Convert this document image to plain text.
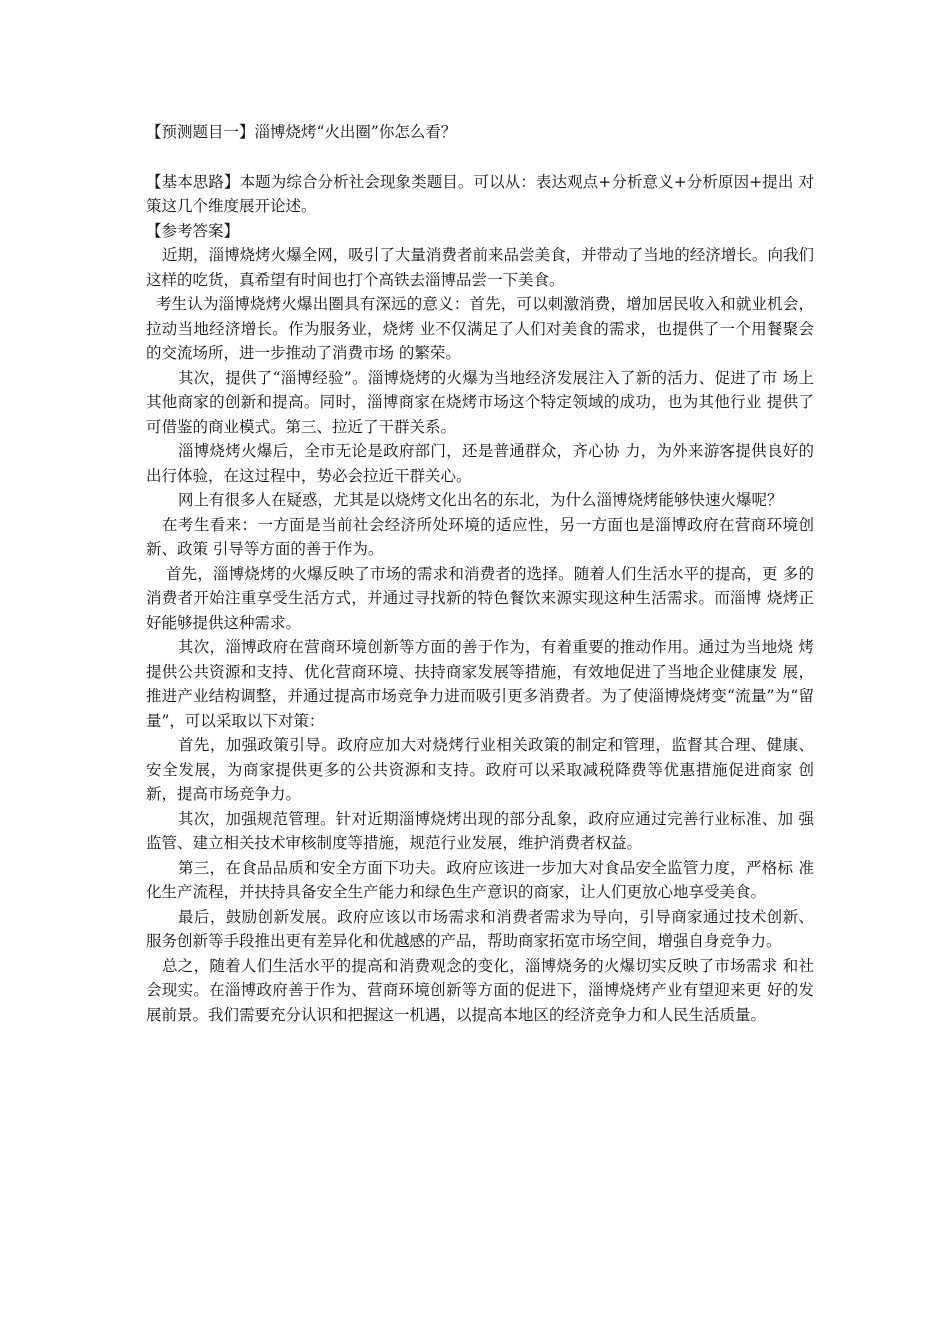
【预测题目一】淄博烧烤“火出圈”你怎么看？

【基本思路】本题为综合分析社会现象类题目。可以从：表达观点+分析意义+分析原因+提出 对策这几个维度展开论述。

【参考答案】

近期，淄博烧烤火爆全网，吸引了大量消费者前来品尝美食，并带动了当地的经济增长。向我们这样的吃货，真希望有时间也打个高铁去淄博品尝一下美食。

考生认为淄博烧烤火爆出圈具有深远的意义：首先，可以刺激消费，增加居民收入和就业机会，拉动当地经济增长。作为服务业，烧烤 业不仅满足了人们对美食的需求，也提供了一个用餐聚会的交流场所，进一步推动了消费市场 的繁荣。

其次，提供了“淄博经验”。淄博烧烤的火爆为当地经济发展注入了新的活力、促进了市 场上其他商家的创新和提高。同时，淄博商家在烧烤市场这个特定领域的成功，也为其他行业 提供了可借鉴的商业模式。第三、拉近了干群关系。

淄博烧烤火爆后，全市无论是政府部门，还是普通群众，齐心协 力，为外来游客提供良好的出行体验，在这过程中，势必会拉近干群关心。

网上有很多人在疑惑，尤其是以烧烤文化出名的东北，为什么淄博烧烤能够快速火爆呢？

在考生看来：一方面是当前社会经济所处环境的适应性，另一方面也是淄博政府在营商环境创新、政策 引导等方面的善于作为。

首先，淄博烧烤的火爆反映了市场的需求和消费者的选择。随着人们生活水平的提高，更 多的消费者开始注重享受生活方式，并通过寻找新的特色餐饮来源实现这种生活需求。而淄博 烧烤正好能够提供这种需求。

其次，淄博政府在营商环境创新等方面的善于作为，有着重要的推动作用。通过为当地烧 烤提供公共资源和支持、优化营商环境、扶持商家发展等措施，有效地促进了当地企业健康发 展，推进产业结构调整，并通过提高市场竞争力进而吸引更多消费者。为了使淄博烧烤变“流量”为“留量”，可以采取以下对策：

首先，加强政策引导。政府应加大对烧烤行业相关政策的制定和管理，监督其合理、健康、 安全发展，为商家提供更多的公共资源和支持。政府可以采取减税降费等优惠措施促进商家 创新，提高市场竞争力。

其次，加强规范管理。针对近期淄博烧烤出现的部分乱象，政府应通过完善行业标准、加 强监管、建立相关技术审核制度等措施，规范行业发展，维护消费者权益。

第三，在食品品质和安全方面下功夫。政府应该进一步加大对食品安全监管力度，严格标 准化生产流程，并扶持具备安全生产能力和绿色生产意识的商家，让人们更放心地享受美食。

最后，鼓励创新发展。政府应该以市场需求和消费者需求为导向，引导商家通过技术创新、 服务创新等手段推出更有差异化和优越感的产品，帮助商家拓宽市场空间，增强自身竞争力。

总之，随着人们生活水平的提高和消费观念的变化，淄博烧务的火爆切实反映了市场需求 和社会现实。在淄博政府善于作为、营商环境创新等方面的促进下，淄博烧烤产业有望迎来更 好的发展前景。我们需要充分认识和把握这一机遇，以提高本地区的经济竞争力和人民生活质量。
